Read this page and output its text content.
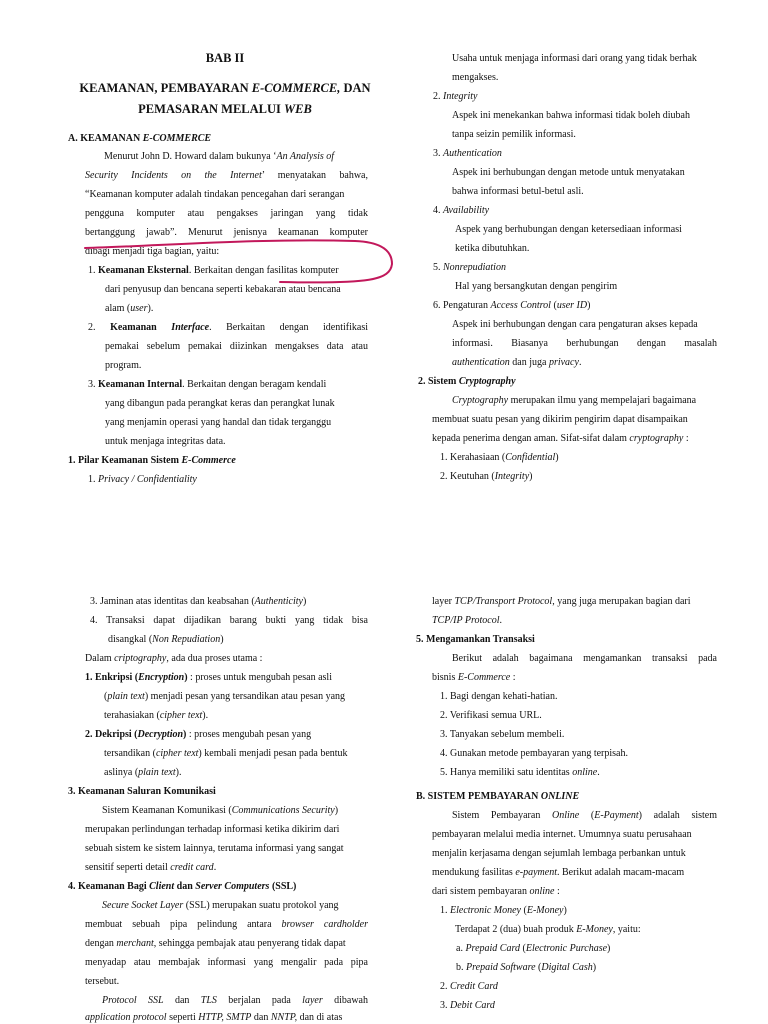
BAB II
KEAMANAN, PEMBAYARAN E-COMMERCE, DAN
PEMASARAN MELALUI WEB
A. KEAMANAN E-COMMERCE
Menurut John D. Howard dalam bukunya ‘An Analysis of
Security Incidents on the Internet’ menyatakan bahwa,
“Keamanan komputer adalah tindakan pencegahan dari serangan
pengguna komputer atau pengakses jaringan yang tidak
bertanggung jawab”. Menurut jenisnya keamanan komputer
dibagi menjadi tiga bagian, yaitu:
1. Keamanan Eksternal. Berkaitan dengan fasilitas komputer
dari penyusup dan bencana seperti kebakaran atau bencana
alam (user).
2. Keamanan Interface. Berkaitan dengan identifikasi
pemakai sebelum pemakai diizinkan mengakses data atau
program.
3. Keamanan Internal. Berkaitan dengan beragam kendali
yang dibangun pada perangkat keras dan perangkat lunak
yang menjamin operasi yang handal dan tidak terganggu
untuk menjaga integritas data.
1. Pilar Keamanan Sistem E-Commerce
1. Privacy / Confidentiality
Usaha untuk menjaga informasi dari orang yang tidak berhak
mengakses.
2. Integrity
Aspek ini menekankan bahwa informasi tidak boleh diubah
tanpa seizin pemilik informasi.
3. Authentication
Aspek ini berhubungan dengan metode untuk menyatakan
bahwa informasi betul-betul asli.
4. Availability
Aspek yang berhubungan dengan ketersediaan informasi
ketika dibutuhkan.
5. Nonrepudiation
Hal yang bersangkutan dengan pengirim
6. Pengaturan Access Control (user ID)
Aspek ini berhubungan dengan cara pengaturan akses kepada
informasi. Biasanya berhubungan dengan masalah
authentication dan juga privacy.
2. Sistem Cryptography
Cryptography merupakan ilmu yang mempelajari bagaimana
membuat suatu pesan yang dikirim pengirim dapat disampaikan
kepada penerima dengan aman. Sifat-sifat dalam cryptography :
1. Kerahasiaan (Confidential)
2. Keutuhan (Integrity)
3. Jaminan atas identitas dan keabsahan (Authenticity)
4. Transaksi dapat dijadikan barang bukti yang tidak bisa
disangkal (Non Repudiation)
Dalam criptography, ada dua proses utama :
1. Enkripsi (Encryption) : proses untuk mengubah pesan asli
(plain text) menjadi pesan yang tersandikan atau pesan yang
terahasiakan (cipher text).
2. Dekripsi (Decryption) : proses mengubah pesan yang
tersandikan (cipher text) kembali menjadi pesan pada bentuk
aslinya (plain text).
3. Keamanan Saluran Komunikasi
Sistem Keamanan Komunikasi (Communications Security)
merupakan perlindungan terhadap informasi ketika dikirim dari
sebuah sistem ke sistem lainnya, terutama informasi yang sangat
sensitif seperti detail credit card.
4. Keamanan Bagi Client dan Server Computers (SSL)
Secure Socket Layer (SSL) merupakan suatu protokol yang
membuat sebuah pipa pelindung antara browser cardholder
dengan merchant, sehingga pembajak atau penyerang tidak dapat
menyadap atau membajak informasi yang mengalir pada pipa
tersebut.
Protocol SSL dan TLS berjalan pada layer dibawah
application protocol seperti HTTP, SMTP dan NNTP, dan di atas
layer TCP/Transport Protocol, yang juga merupakan bagian dari
TCP/IP Protocol.
5. Mengamankan Transaksi
Berikut adalah bagaimana mengamankan transaksi pada
bisnis E-Commerce :
1. Bagi dengan kehati-hatian.
2. Verifikasi semua URL.
3. Tanyakan sebelum membeli.
4. Gunakan metode pembayaran yang terpisah.
5. Hanya memiliki satu identitas online.
B. SISTEM PEMBAYARAN ONLINE
Sistem Pembayaran Online (E-Payment) adalah sistem
pembayaran melalui media internet. Umumnya suatu perusahaan
menjalin kerjasama dengan sejumlah lembaga perbankan untuk
mendukung fasilitas e-payment. Berikut adalah macam-macam
dari sistem pembayaran online :
1. Electronic Money (E-Money)
Terdapat 2 (dua) buah produk E-Money, yaitu:
a. Prepaid Card (Electronic Purchase)
b. Prepaid Software (Digital Cash)
2. Credit Card
3. Debit Card
